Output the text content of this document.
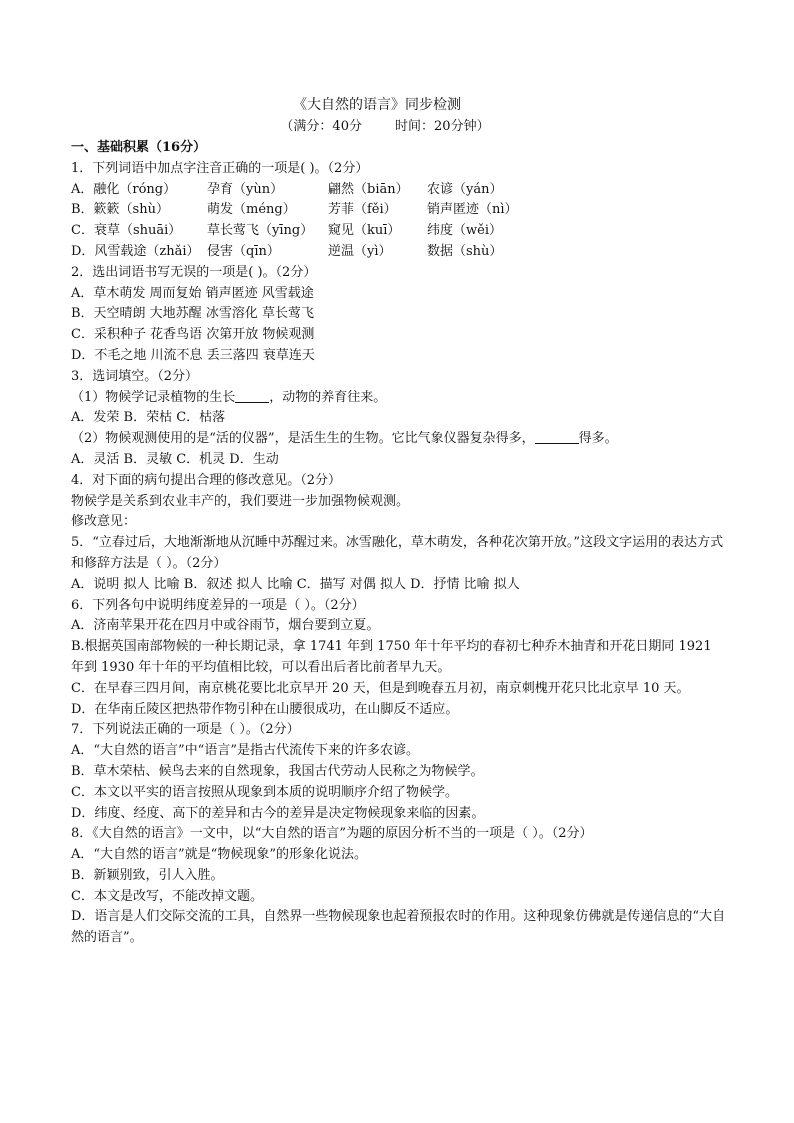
《大自然的语言》同步检测
（满分：40分        时间：20分钟）
一、基础积累（16分）
1．下列词语中加点字注音正确的一项是( )。（2分）
A．融化（róng）	孕育（yùn）	翩然（biān）	农谚（yán）
B．簌簌（shù）	萌发（méng）	芳菲（fěi）	销声匿迹（nì）
C．衰草（shuāi）	草长莺飞（yīng）	窥见（kuī）	纬度（wěi）
D．风雪载途（zhǎi） 侵害（qīn）	逆温（yì）	数据（shù）
2．选出词语书写无误的一项是( )。（2分）
A．草木萌发 周而复始 销声匿迹 风雪载途
B．天空晴朗 大地苏醒 冰雪溶化 草长莺飞
C．采积种子 花香鸟语 次第开放 物候观测
D．不毛之地 川流不息 丢三落四 衰草连天
3．选词填空。（2分）
（1）物候学记录植物的生长	，动物的养育往来。
A．发荣 B．荣枯 C．枯落
（2）物候观测使用的是“活的仪器”，是活生生的生物。它比气象仪器复杂得多，	得多。
A．灵活 B．灵敏 C．机灵 D．生动
4．对下面的病句提出合理的修改意见。（2分）
物候学是关系到农业丰产的，我们要进一步加强物候观测。
修改意见：
5．“立春过后，大地渐渐地从沉睡中苏醒过来。冰雪融化，草木萌发，各种花次第开放。”这段文字运用的表达方式和修辞方法是（ ）。（2分）
A．说明 拟人 比喻 B．叙述 拟人 比喻 C．描写 对偶 拟人 D．抒情 比喻 拟人
6．下列各句中说明纬度差异的一项是（ ）。（2分）
A．济南苹果开花在四月中或谷雨节，烟台要到立夏。
B.根据英国南部物候的一种长期记录，拿 1741 年到 1750 年十年平均的春初七种乔木抽青和开花日期同 1921 年到 1930 年十年的平均值相比较，可以看出后者比前者早九天。
C．在早春三四月间，南京桃花要比北京早开 20 天，但是到晚春五月初，南京刺槐开花只比北京早 10 天。
D．在华南丘陵区把热带作物引种在山腰很成功，在山脚反不适应。
7．下列说法正确的一项是（ ）。（2分）
A．“大自然的语言”中“语言”是指古代流传下来的许多农谚。
B．草木荣枯、候鸟去来的自然现象，我国古代劳动人民称之为物候学。
C．本文以平实的语言按照从现象到本质的说明顺序介绍了物候学。
D．纬度、经度、高下的差异和古今的差异是决定物候现象来临的因素。
8．《大自然的语言》一文中，以“大自然的语言”为题的原因分析不当的一项是（ ）。（2分）
A．“大自然的语言”就是“物候现象”的形象化说法。
B．新颖别致，引人入胜。
C．本文是改写，不能改掉文题。
D．语言是人们交际交流的工具，自然界一些物候现象也起着预报农时的作用。这种现象仿佛就是传递信息的“大自然的语言”。
